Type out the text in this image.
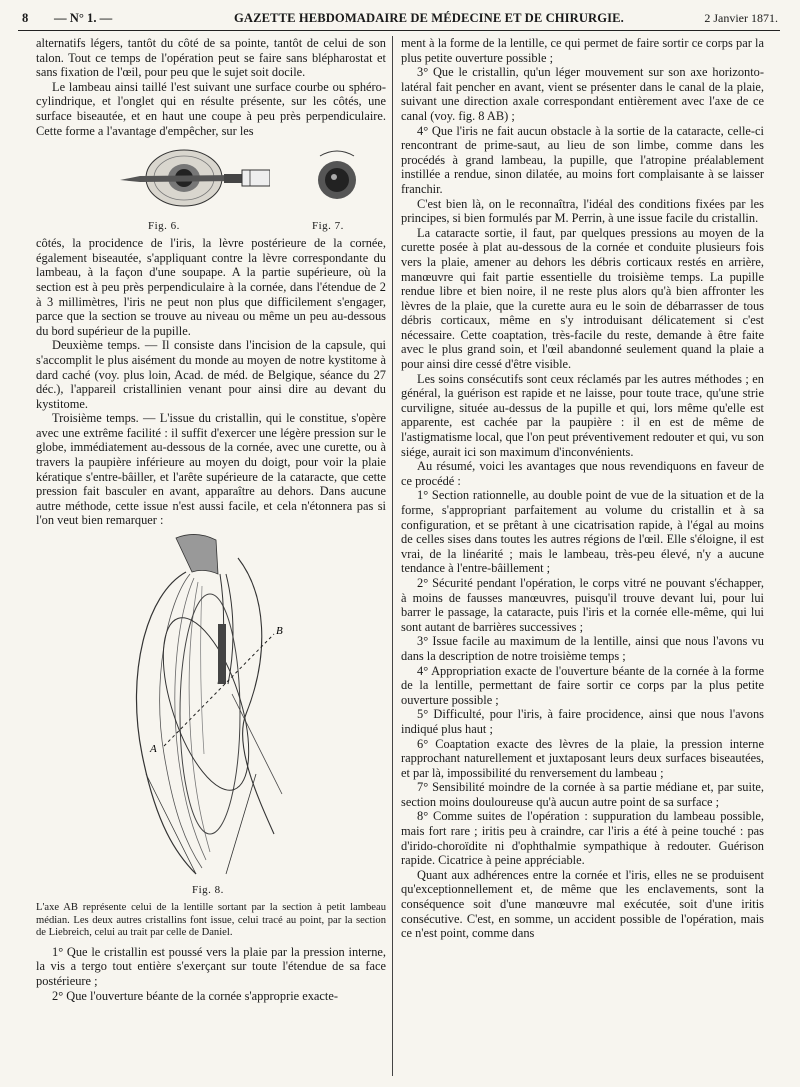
8 — N° 1. —	GAZETTE HEBDOMADAIRE DE MÉDECINE ET DE CHIRURGIE.	2 Janvier 1871.

alternatifs légers, tantôt du côté de sa pointe, tantôt de celui de son talon. Tout ce temps de l'opération peut se faire sans blépharostat et sans fixation de l'œil, pour peu que le sujet soit docile.

Le lambeau ainsi taillé l'est suivant une surface courbe ou sphéro-cylindrique, et l'onglet qui en résulte présente, sur les côtés, une surface biseautée, et en haut une coupe à peu près perpendiculaire. Cette forme a l'avantage d'empêcher, sur les

Fig. 6.	Fig. 7.

côtés, la procidence de l'iris, la lèvre postérieure de la cornée, également biseautée, s'appliquant contre la lèvre correspondante du lambeau, à la façon d'une soupape. A la partie supérieure, où la section est à peu près perpendiculaire à la cornée, dans l'étendue de 2 à 3 millimètres, l'iris ne peut non plus que difficilement s'engager, parce que la section se trouve au niveau ou même un peu au-dessous du bord supérieur de la pupille.

Deuxième temps. — Il consiste dans l'incision de la capsule, qui s'accomplit le plus aisément du monde au moyen de notre kystitome à dard caché (voy. plus loin, Acad. de méd. de Belgique, séance du 27 déc.), l'appareil cristallinien venant pour ainsi dire au devant du kystitome.

Troisième temps. — L'issue du cristallin, qui le constitue, s'opère avec une extrême facilité : il suffit d'exercer une légère pression sur le globe, immédiatement au-dessous de la cornée, avec une curette, ou à travers la paupière inférieure au moyen du doigt, pour voir la plaie kératique s'entre-bâiller, et l'arête supérieure de la cataracte, que cette pression fait basculer en avant, apparaître au dehors. Dans aucune autre méthode, cette issue n'est aussi facile, et cela n'étonnera pas si l'on veut bien remarquer :

B
A
Fig. 8.

L'axe AB représente celui de la lentille sortant par la section à petit lambeau médian. Les deux autres cristallins font issue, celui tracé au point, par la section de Liebreich, celui au trait par celle de Daniel.

1° Que le cristallin est poussé vers la plaie par la pression interne, la vis a tergo tout entière s'exerçant sur toute l'étendue de sa face postérieure ;

2° Que l'ouverture béante de la cornée s'approprie exacte-

ment à la forme de la lentille, ce qui permet de faire sortir ce corps par la plus petite ouverture possible ;

3° Que le cristallin, qu'un léger mouvement sur son axe horizonto-latéral fait pencher en avant, vient se présenter dans le canal de la plaie, suivant une direction axale correspondant entièrement avec l'axe de ce canal (voy. fig. 8 AB) ;

4° Que l'iris ne fait aucun obstacle à la sortie de la cataracte, celle-ci rencontrant de prime-saut, au lieu de son limbe, comme dans les procédés à grand lambeau, la pupille, que l'atropine préalablement instillée a rendue, sinon dilatée, au moins fort complaisante à se laisser franchir.

C'est bien là, on le reconnaîtra, l'idéal des conditions fixées par les principes, si bien formulés par M. Perrin, à une issue facile du cristallin.

La cataracte sortie, il faut, par quelques pressions au moyen de la curette posée à plat au-dessous de la cornée et conduite plusieurs fois vers la plaie, amener au dehors les débris corticaux restés en arrière, manœuvre qui fait partie essentielle du troisième temps. La pupille rendue libre et bien noire, il ne reste plus alors qu'à bien affronter les lèvres de la plaie, que la curette aura eu le soin de débarrasser de tous débris corticaux, même en s'y introduisant délicatement si c'est nécessaire. Cette coaptation, très-facile du reste, demande à être faite avec le plus grand soin, et l'œil abandonné seulement quand la plaie a pour ainsi dire cessé d'être visible.

Les soins consécutifs sont ceux réclamés par les autres méthodes ; en général, la guérison est rapide et ne laisse, pour toute trace, qu'une strie curviligne, située au-dessus de la pupille et qui, lors même qu'elle est apparente, est cachée par la paupière : il en est de même de l'astigmatisme local, que l'on peut préventivement redouter et qui, vu son siége, aurait ici son maximum d'inconvénients.

Au résumé, voici les avantages que nous revendiquons en faveur de ce procédé :

1° Section rationnelle, au double point de vue de la situation et de la forme, s'appropriant parfaitement au volume du cristallin et à sa configuration, et se prêtant à une cicatrisation rapide, à l'égal au moins de celles sises dans toutes les autres régions de l'œil. Elle s'éloigne, il est vrai, de la linéarité ; mais le lambeau, très-peu élevé, n'y a aucune tendance à l'entre-bâillement ;

2° Sécurité pendant l'opération, le corps vitré ne pouvant s'échapper, à moins de fausses manœuvres, puisqu'il trouve devant lui, pour lui barrer le passage, la cataracte, puis l'iris et la cornée elle-même, qui lui sont autant de barrières successives ;

3° Issue facile au maximum de la lentille, ainsi que nous l'avons vu dans la description de notre troisième temps ;

4° Appropriation exacte de l'ouverture béante de la cornée à la forme de la lentille, permettant de faire sortir ce corps par la plus petite ouverture possible ;

5° Difficulté, pour l'iris, à faire procidence, ainsi que nous l'avons indiqué plus haut ;

6° Coaptation exacte des lèvres de la plaie, la pression interne rapprochant naturellement et juxtaposant leurs deux surfaces biseautées, et par là, impossibilité du renversement du lambeau ;

7° Sensibilité moindre de la cornée à sa partie médiane et, par suite, section moins douloureuse qu'à aucun autre point de sa surface ;

8° Comme suites de l'opération : suppuration du lambeau possible, mais fort rare ; iritis peu à craindre, car l'iris a été à peine touché : pas d'irido-choroïdite ni d'ophthalmie sympathique à redouter. Guérison rapide. Cicatrice à peine appréciable.

Quant aux adhérences entre la cornée et l'iris, elles ne se produisent qu'exceptionnellement et, de même que les enclavements, sont la conséquence soit d'une manœuvre mal exécutée, soit d'une iritis consécutive. C'est, en somme, un accident possible de l'opération, mais ce n'est point, comme dans
